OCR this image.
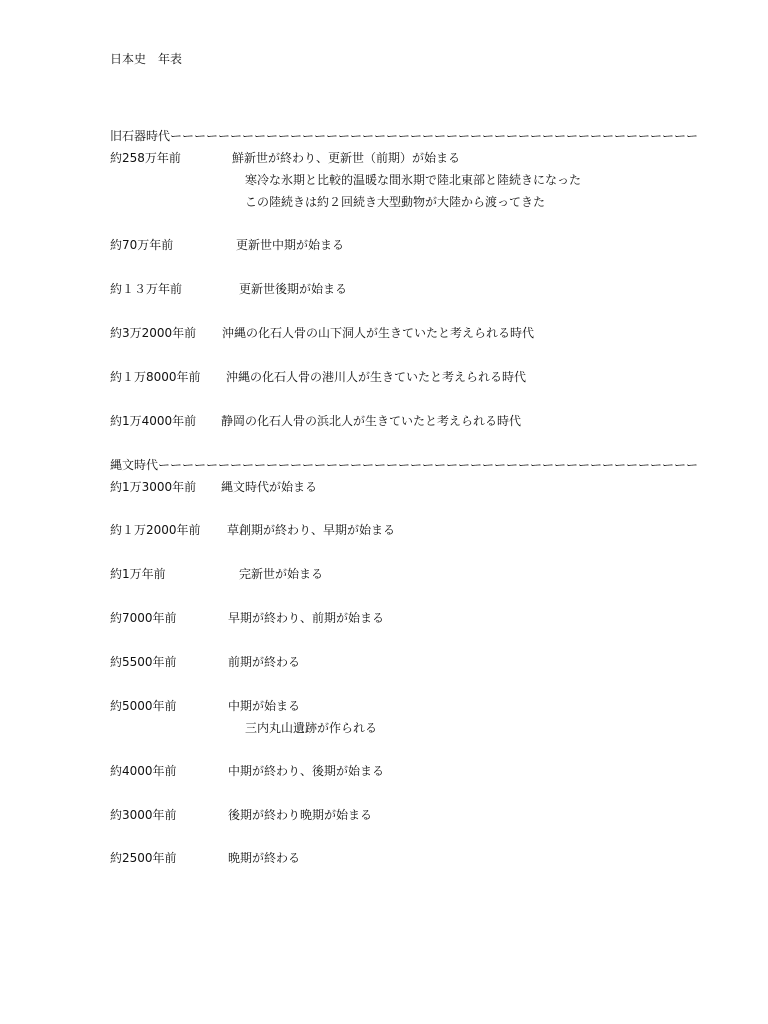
日本史　年表
旧石器時代ーーーーーーーーーーーーーーーーーーーーーーーーーーーーーーーーーーーーーーーーーーーー
約258万年前	鮮新世が終わり、更新世（前期）が始まる
寒冷な氷期と比較的温暖な間氷期で陸北東部と陸続きになった
この陸続きは約２回続き大型動物が大陸から渡ってきた
約70万年前	更新世中期が始まる
約１３万年前	更新世後期が始まる
約3万2000年前 沖縄の化石人骨の山下洞人が生きていたと考えられる時代
約１万8000年前 沖縄の化石人骨の港川人が生きていたと考えられる時代
約1万4000年前 静岡の化石人骨の浜北人が生きていたと考えられる時代
縄文時代ーーーーーーーーーーーーーーーーーーーーーーーーーーーーーーーーーーーーーーーーーーーーー
約1万3000年前 縄文時代が始まる
約１万2000年前 草創期が終わり、早期が始まる
約1万年前	完新世が始まる
約7000年前	早期が終わり、前期が始まる
約5500年前	前期が終わる
約5000年前	中期が始まる
三内丸山遺跡が作られる
約4000年前	中期が終わり、後期が始まる
約3000年前	後期が終わり晩期が始まる
約2500年前	晩期が終わる
